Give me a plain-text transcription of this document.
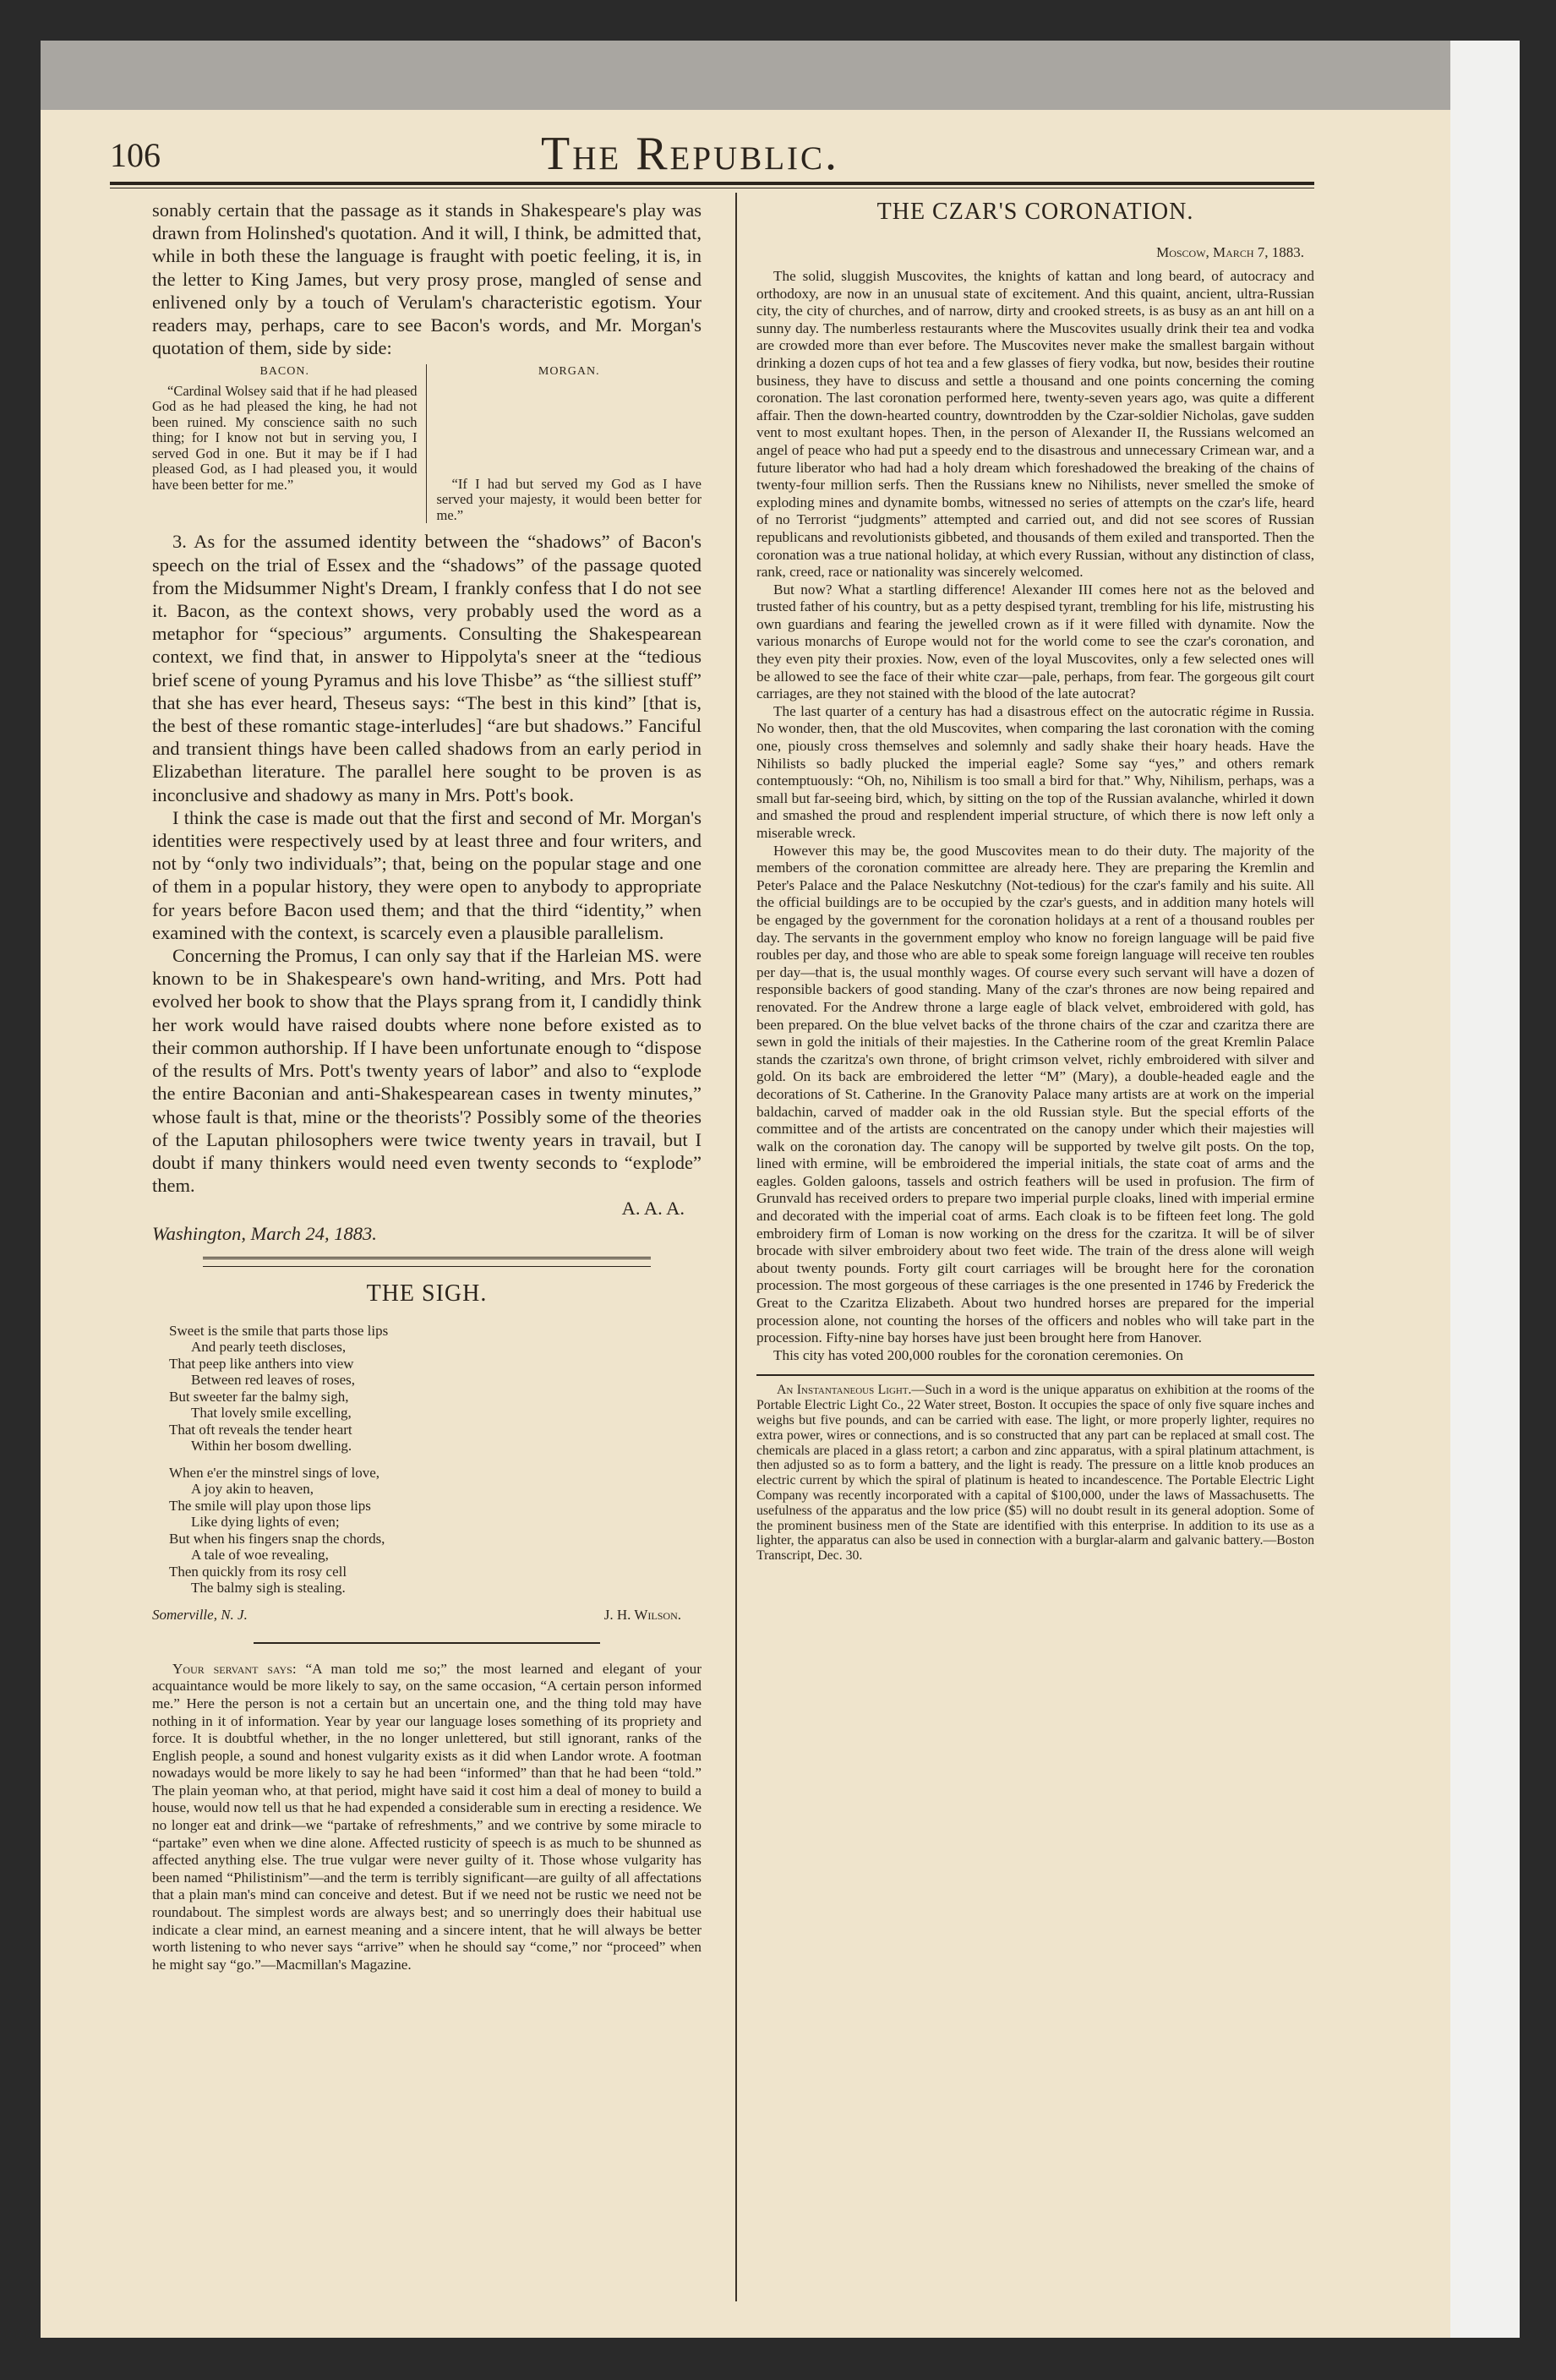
106	The Republic.

sonably certain that the passage as it stands in Shakespeare's play was drawn from Holinshed's quotation. And it will, I think, be admitted that, while in both these the language is fraught with poetic feeling, it is, in the letter to King James, but very prosy prose, mangled of sense and enlivened only by a touch of Verulam's characteristic egotism. Your readers may, perhaps, care to see Bacon's words, and Mr. Morgan's quotation of them, side by side:

BACON.

“Cardinal Wolsey said that if he had pleased God as he had pleased the king, he had not been ruined. My conscience saith no such thing; for I know not but in serving you, I served God in one. But it may be if I had pleased God, as I had pleased you, it would have been better for me.”

MORGAN.

“If I had but served my God as I have served your majesty, it would been better for me.”

3. As for the assumed identity between the “shadows” of Bacon's speech on the trial of Essex and the “shadows” of the passage quoted from the Midsummer Night's Dream, I frankly confess that I do not see it. Bacon, as the context shows, very probably used the word as a metaphor for “specious” arguments. Consulting the Shakespearean context, we find that, in answer to Hippolyta's sneer at the “tedious brief scene of young Pyramus and his love Thisbe” as “the silliest stuff” that she has ever heard, Theseus says: “The best in this kind” [that is, the best of these romantic stage-interludes] “are but shadows.” Fanciful and transient things have been called shadows from an early period in Elizabethan literature. The parallel here sought to be proven is as inconclusive and shadowy as many in Mrs. Pott's book.

I think the case is made out that the first and second of Mr. Morgan's identities were respectively used by at least three and four writers, and not by “only two individuals”; that, being on the popular stage and one of them in a popular history, they were open to anybody to appropriate for years before Bacon used them; and that the third “identity,” when examined with the context, is scarcely even a plausible parallelism.

Concerning the Promus, I can only say that if the Harleian MS. were known to be in Shakespeare's own hand-writing, and Mrs. Pott had evolved her book to show that the Plays sprang from it, I candidly think her work would have raised doubts where none before existed as to their common authorship. If I have been unfortunate enough to “dispose of the results of Mrs. Pott's twenty years of labor” and also to “explode the entire Baconian and anti-Shakespearean cases in twenty minutes,” whose fault is that, mine or the theorists'? Possibly some of the theories of the Laputan philosophers were twice twenty years in travail, but I doubt if many thinkers would need even twenty seconds to “explode” them.

A. A. A.
Washington, March 24, 1883.
THE SIGH.
Sweet is the smile that parts those lips
And pearly teeth discloses,
That peep like anthers into view
Between red leaves of roses,
But sweeter far the balmy sigh,
That lovely smile excelling,
That oft reveals the tender heart
Within her bosom dwelling.
When e'er the minstrel sings of love,
A joy akin to heaven,
The smile will play upon those lips
Like dying lights of even;
But when his fingers snap the chords,
A tale of woe revealing,
Then quickly from its rosy cell
The balmy sigh is stealing.
Somerville, N. J.	J. H. Wilson.

Your servant says: “A man told me so;” the most learned and elegant of your acquaintance would be more likely to say, on the same occasion, “A certain person informed me.” Here the person is not a certain but an uncertain one, and the thing told may have nothing in it of information. Year by year our language loses something of its propriety and force. It is doubtful whether, in the no longer unlettered, but still ignorant, ranks of the English people, a sound and honest vulgarity exists as it did when Landor wrote. A footman nowadays would be more likely to say he had been “informed” than that he had been “told.” The plain yeoman who, at that period, might have said it cost him a deal of money to build a house, would now tell us that he had expended a considerable sum in erecting a residence. We no longer eat and drink—we “partake of refreshments,” and we contrive by some miracle to “partake” even when we dine alone. Affected rusticity of speech is as much to be shunned as affected anything else. The true vulgar were never guilty of it. Those whose vulgarity has been named “Philistinism”—and the term is terribly significant—are guilty of all affectations that a plain man's mind can conceive and detest. But if we need not be rustic we need not be roundabout. The simplest words are always best; and so unerringly does their habitual use indicate a clear mind, an earnest meaning and a sincere intent, that he will always be better worth listening to who never says “arrive” when he should say “come,” nor “proceed” when he might say “go.”—Macmillan's Magazine.

THE CZAR'S CORONATION.
Moscow, March 7, 1883.

The solid, sluggish Muscovites, the knights of kattan and long beard, of autocracy and orthodoxy, are now in an unusual state of excitement. And this quaint, ancient, ultra-Russian city, the city of churches, and of narrow, dirty and crooked streets, is as busy as an ant hill on a sunny day. The numberless restaurants where the Muscovites usually drink their tea and vodka are crowded more than ever before. The Muscovites never make the smallest bargain without drinking a dozen cups of hot tea and a few glasses of fiery vodka, but now, besides their routine business, they have to discuss and settle a thousand and one points concerning the coming coronation. The last coronation performed here, twenty-seven years ago, was quite a different affair. Then the down-hearted country, downtrodden by the Czar-soldier Nicholas, gave sudden vent to most exultant hopes. Then, in the person of Alexander II, the Russians welcomed an angel of peace who had put a speedy end to the disastrous and unnecessary Crimean war, and a future liberator who had had a holy dream which foreshadowed the breaking of the chains of twenty-four million serfs. Then the Russians knew no Nihilists, never smelled the smoke of exploding mines and dynamite bombs, witnessed no series of attempts on the czar's life, heard of no Terrorist “judgments” attempted and carried out, and did not see scores of Russian republicans and revolutionists gibbeted, and thousands of them exiled and transported. Then the coronation was a true national holiday, at which every Russian, without any distinction of class, rank, creed, race or nationality was sincerely welcomed.

But now? What a startling difference! Alexander III comes here not as the beloved and trusted father of his country, but as a petty despised tyrant, trembling for his life, mistrusting his own guardians and fearing the jewelled crown as if it were filled with dynamite. Now the various monarchs of Europe would not for the world come to see the czar's coronation, and they even pity their proxies. Now, even of the loyal Muscovites, only a few selected ones will be allowed to see the face of their white czar—pale, perhaps, from fear. The gorgeous gilt court carriages, are they not stained with the blood of the late autocrat?

The last quarter of a century has had a disastrous effect on the autocratic régime in Russia. No wonder, then, that the old Muscovites, when comparing the last coronation with the coming one, piously cross themselves and solemnly and sadly shake their hoary heads. Have the Nihilists so badly plucked the imperial eagle? Some say “yes,” and others remark contemptuously: “Oh, no, Nihilism is too small a bird for that.” Why, Nihilism, perhaps, was a small but far-seeing bird, which, by sitting on the top of the Russian avalanche, whirled it down and smashed the proud and resplendent imperial structure, of which there is now left only a miserable wreck.

However this may be, the good Muscovites mean to do their duty. The majority of the members of the coronation committee are already here. They are preparing the Kremlin and Peter's Palace and the Palace Neskutchny (Not-tedious) for the czar's family and his suite. All the official buildings are to be occupied by the czar's guests, and in addition many hotels will be engaged by the government for the coronation holidays at a rent of a thousand roubles per day. The servants in the government employ who know no foreign language will be paid five roubles per day, and those who are able to speak some foreign language will receive ten roubles per day—that is, the usual monthly wages. Of course every such servant will have a dozen of responsible backers of good standing. Many of the czar's thrones are now being repaired and renovated. For the Andrew throne a large eagle of black velvet, embroidered with gold, has been prepared. On the blue velvet backs of the throne chairs of the czar and czaritza there are sewn in gold the initials of their majesties. In the Catherine room of the great Kremlin Palace stands the czaritza's own throne, of bright crimson velvet, richly embroidered with silver and gold. On its back are embroidered the letter “M” (Mary), a double-headed eagle and the decorations of St. Catherine. In the Granovity Palace many artists are at work on the imperial baldachin, carved of madder oak in the old Russian style. But the special efforts of the committee and of the artists are concentrated on the canopy under which their majesties will walk on the coronation day. The canopy will be supported by twelve gilt posts. On the top, lined with ermine, will be embroidered the imperial initials, the state coat of arms and the eagles. Golden galoons, tassels and ostrich feathers will be used in profusion. The firm of Grunvald has received orders to prepare two imperial purple cloaks, lined with imperial ermine and decorated with the imperial coat of arms. Each cloak is to be fifteen feet long. The gold embroidery firm of Loman is now working on the dress for the czaritza. It will be of silver brocade with silver embroidery about two feet wide. The train of the dress alone will weigh about twenty pounds. Forty gilt court carriages will be brought here for the coronation procession. The most gorgeous of these carriages is the one presented in 1746 by Frederick the Great to the Czaritza Elizabeth. About two hundred horses are prepared for the imperial procession alone, not counting the horses of the officers and nobles who will take part in the procession. Fifty-nine bay horses have just been brought here from Hanover.

This city has voted 200,000 roubles for the coronation ceremonies. On

An Instantaneous Light.—Such in a word is the unique apparatus on exhibition at the rooms of the Portable Electric Light Co., 22 Water street, Boston. It occupies the space of only five square inches and weighs but five pounds, and can be carried with ease. The light, or more properly lighter, requires no extra power, wires or connections, and is so constructed that any part can be replaced at small cost. The chemicals are placed in a glass retort; a carbon and zinc apparatus, with a spiral platinum attachment, is then adjusted so as to form a battery, and the light is ready. The pressure on a little knob produces an electric current by which the spiral of platinum is heated to incandescence. The Portable Electric Light Company was recently incorporated with a capital of $100,000, under the laws of Massachusetts. The usefulness of the apparatus and the low price ($5) will no doubt result in its general adoption. Some of the prominent business men of the State are identified with this enterprise. In addition to its use as a lighter, the apparatus can also be used in connection with a burglar-alarm and galvanic battery.—Boston Transcript, Dec. 30.
